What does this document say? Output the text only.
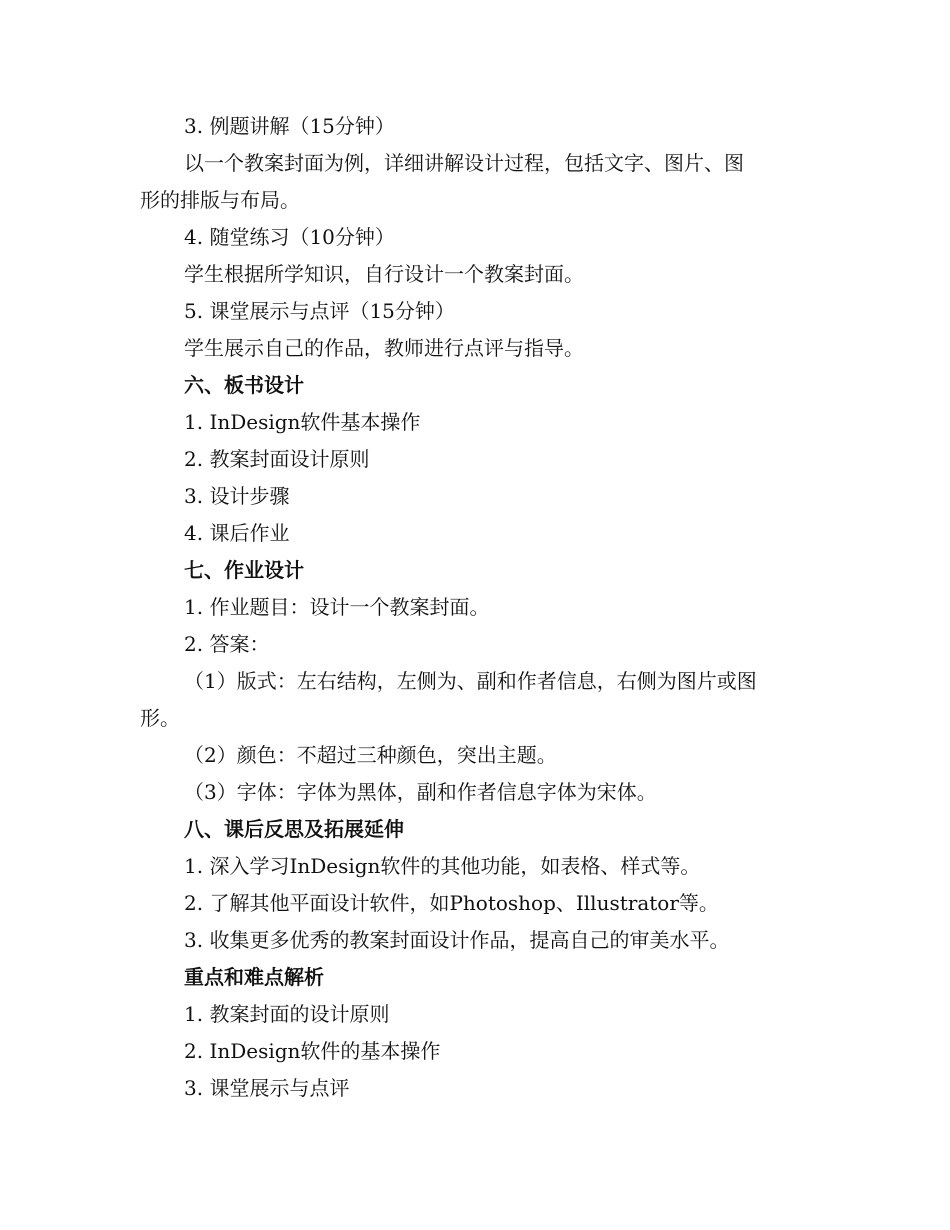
3. 例题讲解（15分钟）

以一个教案封面为例，详细讲解设计过程，包括文字、图片、图

形的排版与布局。

4. 随堂练习（10分钟）

学生根据所学知识，自行设计一个教案封面。

5. 课堂展示与点评（15分钟）

学生展示自己的作品，教师进行点评与指导。

六、板书设计

1. InDesign软件基本操作

2. 教案封面设计原则

3. 设计步骤

4. 课后作业

七、作业设计

1. 作业题目：设计一个教案封面。

2. 答案：

（1）版式：左右结构，左侧为、副和作者信息，右侧为图片或图

形。

（2）颜色：不超过三种颜色，突出主题。

（3）字体：字体为黑体，副和作者信息字体为宋体。

八、课后反思及拓展延伸

1. 深入学习InDesign软件的其他功能，如表格、样式等。

2. 了解其他平面设计软件，如Photoshop、Illustrator等。

3. 收集更多优秀的教案封面设计作品，提高自己的审美水平。

重点和难点解析

1. 教案封面的设计原则

2. InDesign软件的基本操作

3. 课堂展示与点评
